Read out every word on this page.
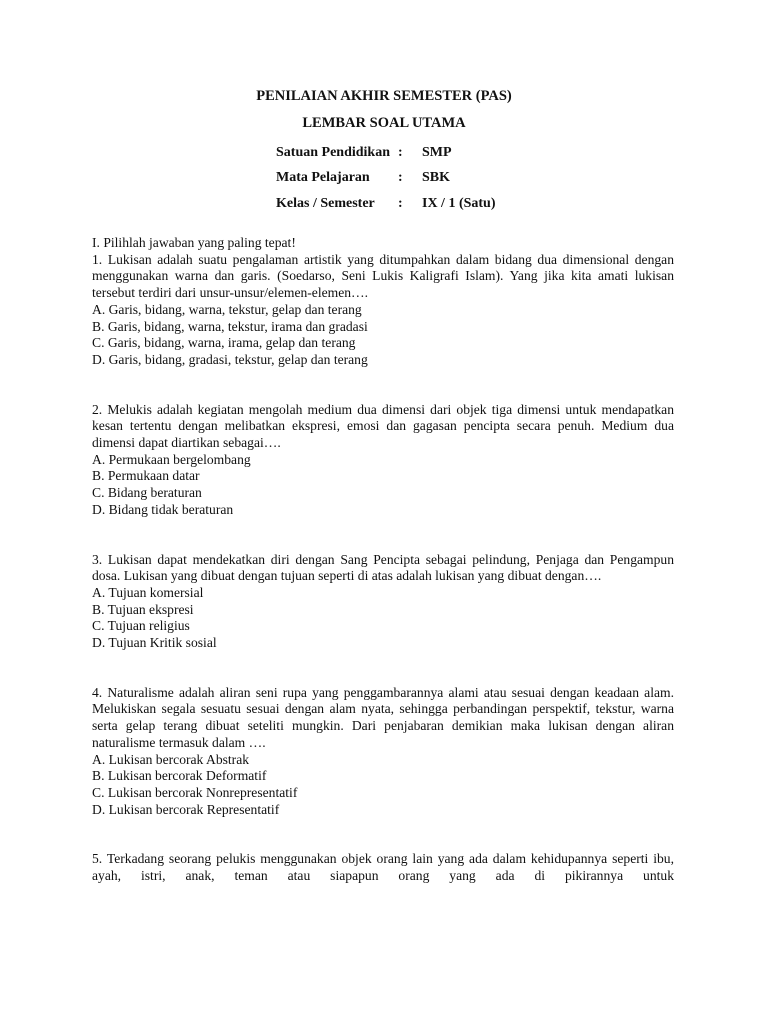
PENILAIAN AKHIR SEMESTER (PAS)
LEMBAR SOAL UTAMA
Satuan Pendidikan :	SMP
Mata Pelajaran	:	SBK
Kelas / Semester	:	IX / 1 (Satu)

I. Pilihlah jawaban yang paling tepat!

1. Lukisan adalah suatu pengalaman artistik yang ditumpahkan dalam bidang dua dimensional dengan menggunakan warna dan garis. (Soedarso, Seni Lukis Kaligrafi Islam). Yang jika kita amati lukisan tersebut terdiri dari unsur-unsur/elemen-elemen….

A. Garis, bidang, warna, tekstur, gelap dan terang

B. Garis, bidang, warna, tekstur, irama dan gradasi

C. Garis, bidang, warna, irama, gelap dan terang

D. Garis, bidang, gradasi, tekstur, gelap dan terang

2. Melukis adalah kegiatan mengolah medium dua dimensi dari objek tiga dimensi untuk mendapatkan kesan tertentu dengan melibatkan ekspresi, emosi dan gagasan pencipta secara penuh. Medium dua dimensi dapat diartikan sebagai….

A. Permukaan bergelombang

B. Permukaan datar

C. Bidang beraturan

D. Bidang tidak beraturan

3. Lukisan dapat mendekatkan diri dengan Sang Pencipta sebagai pelindung, Penjaga dan Pengampun dosa. Lukisan yang dibuat dengan tujuan seperti di atas adalah lukisan yang dibuat dengan….

A. Tujuan komersial

B. Tujuan ekspresi

C. Tujuan religius

D. Tujuan Kritik sosial

4. Naturalisme adalah aliran seni rupa yang penggambarannya alami atau sesuai dengan keadaan alam. Melukiskan segala sesuatu sesuai dengan alam nyata, sehingga perbandingan perspektif, tekstur, warna serta gelap terang dibuat seteliti mungkin. Dari penjabaran demikian maka lukisan dengan aliran naturalisme termasuk dalam ….

A. Lukisan bercorak Abstrak

B. Lukisan bercorak Deformatif

C. Lukisan bercorak Nonrepresentatif

D. Lukisan bercorak Representatif

5. Terkadang seorang pelukis menggunakan objek orang lain yang ada dalam kehidupannya seperti ibu, ayah, istri, anak, teman atau siapapun orang yang ada di pikirannya untuk
